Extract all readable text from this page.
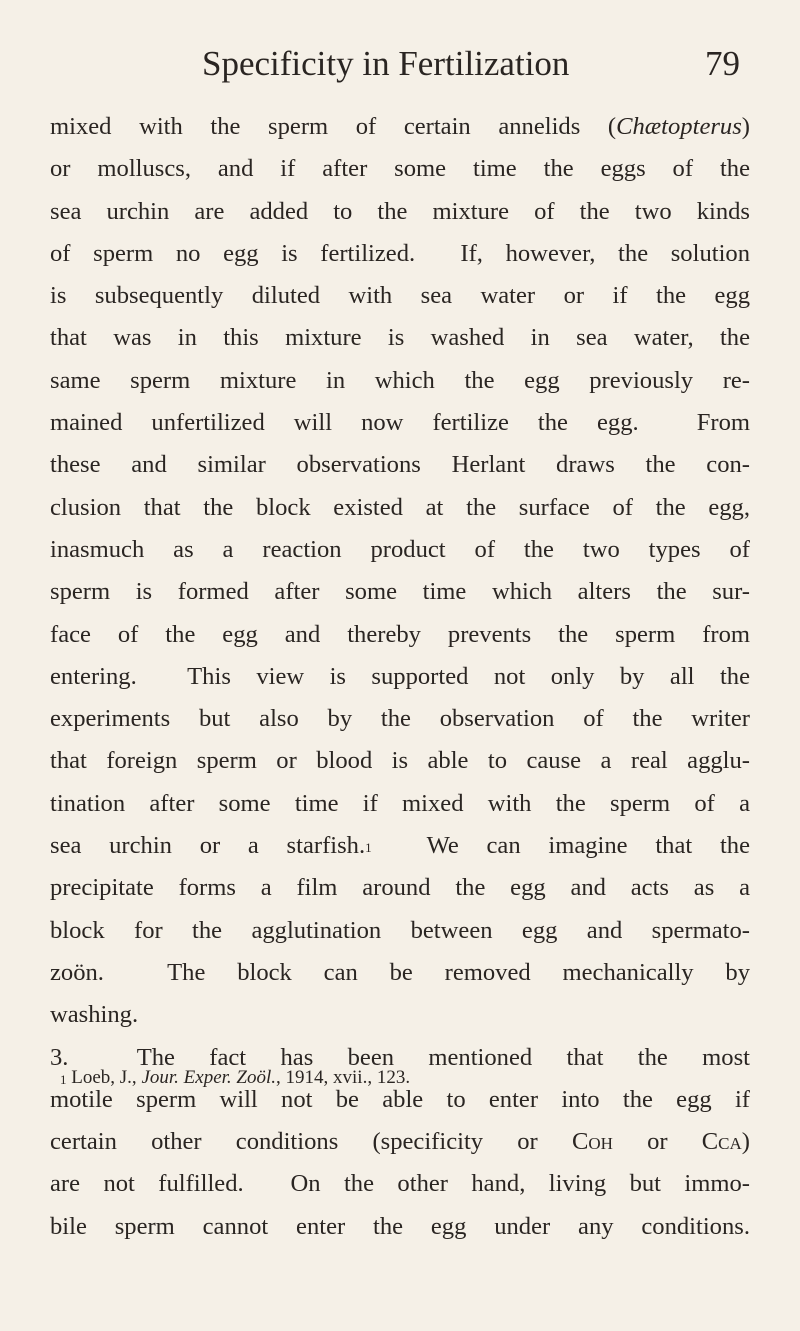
Specificity in Fertilization	79
mixed with the sperm of certain annelids (Chætopterus)
or molluscs, and if after some time the eggs of the
sea urchin are added to the mixture of the two kinds
of sperm no egg is fertilized.  If, however, the solution
is subsequently diluted with sea water or if the egg
that was in this mixture is washed in sea water, the
same sperm mixture in which the egg previously re-
mained unfertilized will now fertilize the egg.  From
these and similar observations Herlant draws the con-
clusion that the block existed at the surface of the egg,
inasmuch as a reaction product of the two types of
sperm is formed after some time which alters the sur-
face of the egg and thereby prevents the sperm from
entering.  This view is supported not only by all the
experiments but also by the observation of the writer
that foreign sperm or blood is able to cause a real agglu-
tination after some time if mixed with the sperm of a
sea urchin or a starfish.$^1$  We can imagine that the
precipitate forms a film around the egg and acts as a
block for the agglutination between egg and spermato-
zoön.  The block can be removed mechanically by
washing.
3.  The fact has been mentioned that the most
motile sperm will not be able to enter into the egg if
certain other conditions (specificity or Coh or Cca)
are not fulfilled.  On the other hand, living but immo-
bile sperm cannot enter the egg under any conditions.
$^1$ Loeb, J., Jour. Exper. Zoöl., 1914, xvii., 123.
